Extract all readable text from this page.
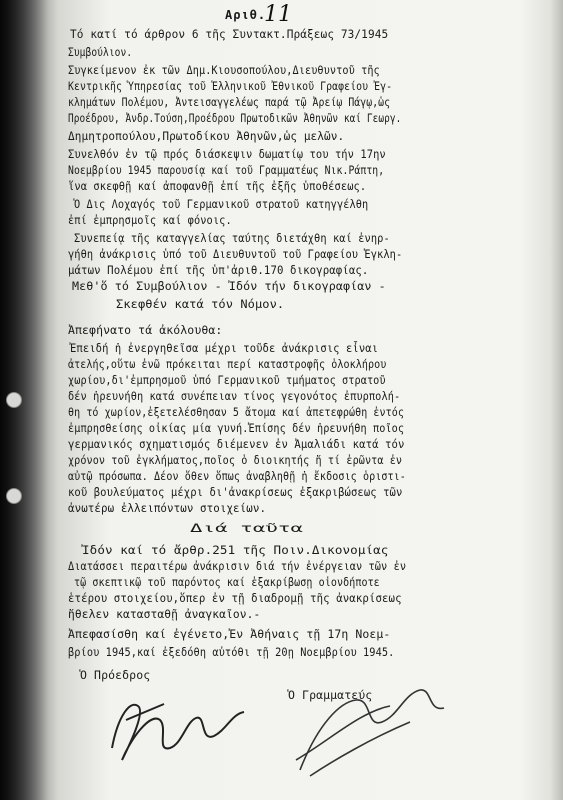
Αριθ.
11
Τό κατί τό άρθρον 6 τῆς Συντακτ.Πράξεως 73/1945
Συμβούλιον.
Συγκείμενον ἐκ τῶν Δημ.Κιουσοπούλου,Διευθυντοῦ τῆς
Κεντρικῆς Ὑπηρεσίας τοῦ Ἑλληνικοῦ Ἐθνικοῦ Γραφείου Ἐγ-
κλημάτων Πολέμου, Ἀντεισαγγελέως παρά τῷ Ἀρείῳ Πάγῳ,ὡς
Προέδρου, Ἀνδρ.Τούση,Προέδρου Πρωτοδικῶν Ἀθηνῶν καί Γεωργ.
Δημητροπούλου,Πρωτοδίκου Ἀθηνῶν,ὡς μελῶν.
Συνελθόν ἐν τῷ πρός διάσκεψιν δωματίῳ του τήν 17ην
Νοεμβρίου 1945 παρουσίᾳ καί τοῦ Γραμματέως Νικ.Ράπτη,
ἵνα σκεφθῇ καί ἀποφανθῇ ἐπί τῆς ἐξῆς ὑποθέσεως.
Ὁ Δις Λοχαγός τοῦ Γερμανικοῦ στρατοῦ κατηγγέλθη
ἐπί ἐμπρησμοῖς καί φόνοις.
Συνεπείᾳ τῆς καταγγελίας ταύτης διετάχθη καί ἐνηρ-
γήθη ἀνάκρισις ὑπό τοῦ Διευθυντοῦ τοῦ Γραφείου Ἐγκλη-
μάτων Πολέμου ἐπί τῆς ὑπ'ἀριθ.170 δικογραφίας.
Μεθ'ὅ τό Συμβούλιον - Ἰδόν τήν δικογραφίαν -
Σκεφθέν κατά τόν Νόμον.
Ἀπεφήνατο τά ἀκόλουθα:
Ἐπειδή ἡ ἐνεργηθεῖσα μέχρι τοῦδε ἀνάκρισις εἶναι
ἀτελής,οὕτω ἐνῶ πρόκειται περί καταστροφῆς ὁλοκλήρου
χωρίου,δι'ἐμπρησμοῦ ὑπό Γερμανικοῦ τμήματος στρατοῦ
δέν ἠρευνήθη κατά συνέπειαν τίνος γεγονότος ἐπυρπολή-
θη τό χωρίον,ἐξετελέσθησαν 5 ἄτομα καί ἀπετεφρώθη ἐντός
ἐμπρησθείσης οἰκίας μία γυνή.Ἐπίσης δέν ἠρευνήθη ποῖος
γερμανικός σχηματισμός διέμενεν ἐν Ἀμαλιάδι κατά τόν
χρόνον τοῦ ἐγκλήματος,ποῖος ὁ διοικητής ἤ τί ἐρῶντα ἐν
αὐτῷ πρόσωπα. Δέον ὅθεν ὅπως ἀναβληθῇ ἡ ἔκδοσις ὁριστι-
κοῦ βουλεύματος μέχρι δι'ἀνακρίσεως ἐξακριβώσεως τῶν
ἀνωτέρω ἐλλειπόντων στοιχείων.
Διά ταῦτα
Ἰδόν καί τό ἄρθρ.251 τῆς Ποιν.Δικονομίας
Διατάσσει περαιτέρω ἀνάκρισιν διά τήν ἐνέργειαν τῶν ἐν
τῷ σκεπτικῷ τοῦ παρόντος καί ἐξακρίβωσῃ οἱονδήποτε
ἑτέρου στοιχείου,ὅπερ ἐν τῇ διαδρομῇ τῆς ἀνακρίσεως
ἤθελεν κατασταθῇ ἀναγκαῖον.-
Ἀπεφασίσθη καί ἐγένετο,Ἐν Ἀθήναις τῇ 17η Νοεμ-
βρίου 1945,καί ἐξεδόθη αὐτόθι τῇ 20ῃ Νοεμβρίου 1945.
Ὁ Πρόεδρος
Ὁ Γραμματεύς
